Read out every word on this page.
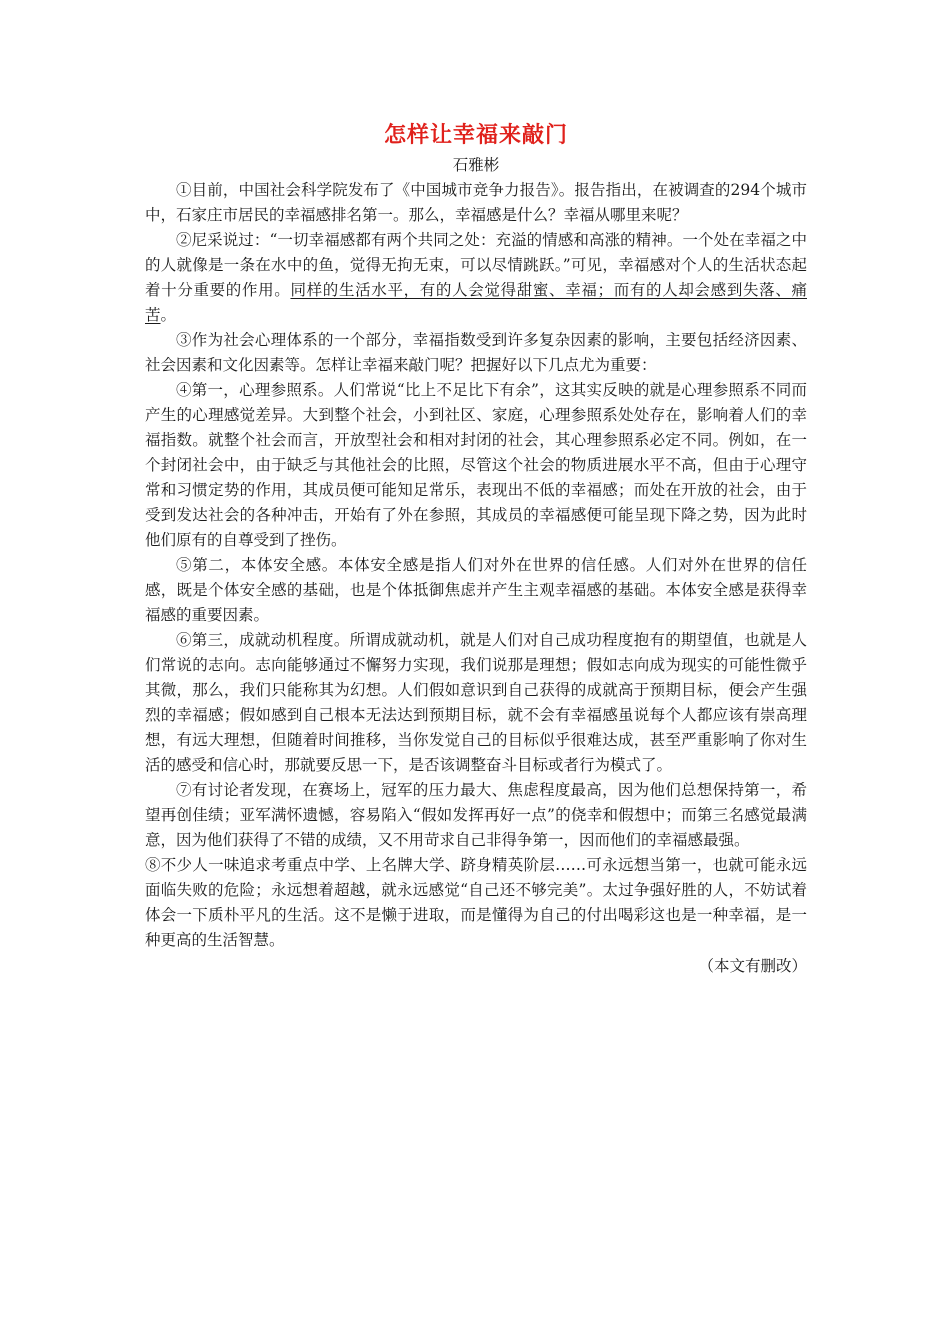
怎样让幸福来敲门

石雅彬

①目前，中国社会科学院发布了《中国城市竞争力报告》。报告指出，在被调查的294个城市中，石家庄市居民的幸福感排名第一。那么，幸福感是什么？幸福从哪里来呢？

②尼采说过：“一切幸福感都有两个共同之处：充溢的情感和高涨的精神。一个处在幸福之中的人就像是一条在水中的鱼，觉得无拘无束，可以尽情跳跃。”可见，幸福感对个人的生活状态起着十分重要的作用。同样的生活水平，有的人会觉得甜蜜、幸福；而有的人却会感到失落、痛苦。

③作为社会心理体系的一个部分，幸福指数受到许多复杂因素的影响，主要包括经济因素、社会因素和文化因素等。怎样让幸福来敲门呢？把握好以下几点尤为重要：

④第一，心理参照系。人们常说“比上不足比下有余”，这其实反映的就是心理参照系不同而产生的心理感觉差异。大到整个社会，小到社区、家庭，心理参照系处处存在，影响着人们的幸福指数。就整个社会而言，开放型社会和相对封闭的社会，其心理参照系必定不同。例如，在一个封闭社会中，由于缺乏与其他社会的比照，尽管这个社会的物质进展水平不高，但由于心理守常和习惯定势的作用，其成员便可能知足常乐，表现出不低的幸福感；而处在开放的社会，由于受到发达社会的各种冲击，开始有了外在参照，其成员的幸福感便可能呈现下降之势，因为此时他们原有的自尊受到了挫伤。

⑤第二，本体安全感。本体安全感是指人们对外在世界的信任感。人们对外在世界的信任感，既是个体安全感的基础，也是个体抵御焦虑并产生主观幸福感的基础。本体安全感是获得幸福感的重要因素。

⑥第三，成就动机程度。所谓成就动机，就是人们对自己成功程度抱有的期望值，也就是人们常说的志向。志向能够通过不懈努力实现，我们说那是理想；假如志向成为现实的可能性微乎其微，那么，我们只能称其为幻想。人们假如意识到自己获得的成就高于预期目标，便会产生强烈的幸福感；假如感到自己根本无法达到预期目标，就不会有幸福感虽说每个人都应该有崇高理想，有远大理想，但随着时间推移，当你发觉自己的目标似乎很难达成，甚至严重影响了你对生活的感受和信心时，那就要反思一下，是否该调整奋斗目标或者行为模式了。

⑦有讨论者发现，在赛场上，冠军的压力最大、焦虑程度最高，因为他们总想保持第一，希望再创佳绩；亚军满怀遗憾，容易陷入“假如发挥再好一点”的侥幸和假想中；而第三名感觉最满意，因为他们获得了不错的成绩，又不用苛求自己非得争第一，因而他们的幸福感最强。

⑧不少人一味追求考重点中学、上名牌大学、跻身精英阶层……可永远想当第一，也就可能永远面临失败的危险；永远想着超越，就永远感觉“自己还不够完美”。太过争强好胜的人，不妨试着体会一下质朴平凡的生活。这不是懒于进取，而是懂得为自己的付出喝彩这也是一种幸福，是一种更高的生活智慧。

（本文有删改）
